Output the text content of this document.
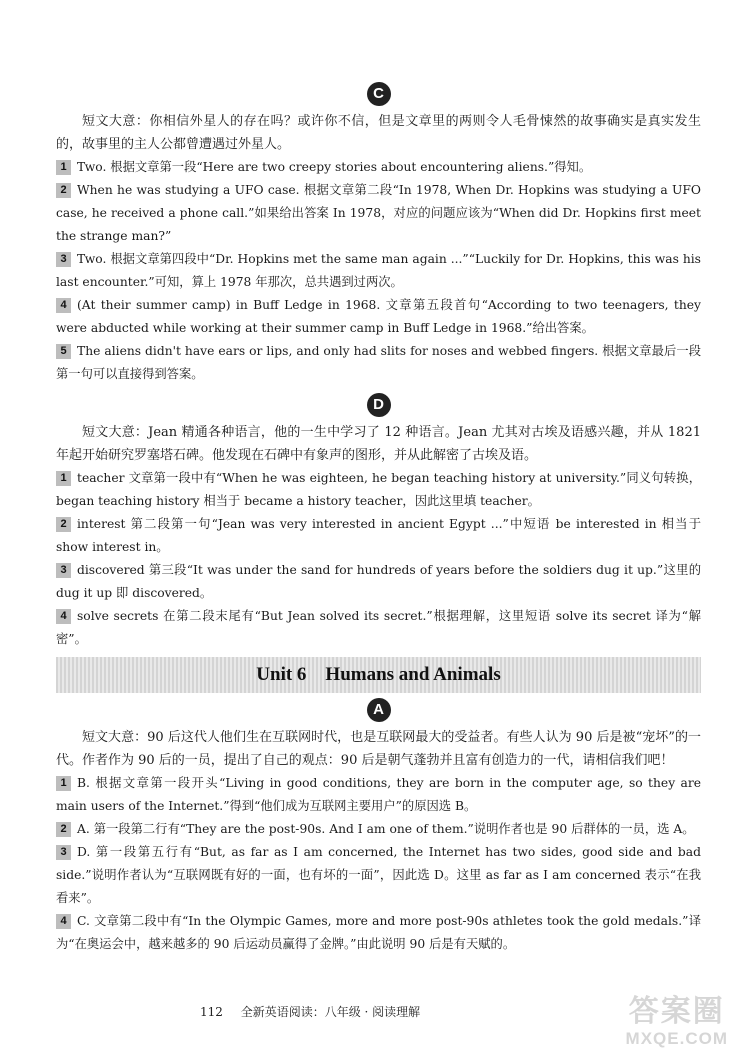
C

短文大意：你相信外星人的存在吗？或许你不信，但是文章里的两则令人毛骨悚然的故事确实是真实发生的，故事里的主人公都曾遭遇过外星人。

1 Two. 根据文章第一段“Here are two creepy stories about encountering aliens.”得知。

2 When he was studying a UFO case. 根据文章第二段“In 1978, When Dr. Hopkins was studying a UFO case, he received a phone call.”如果给出答案 In 1978，对应的问题应该为“When did Dr. Hopkins first meet the strange man?”

3 Two. 根据文章第四段中“Dr. Hopkins met the same man again ...”“Luckily for Dr. Hopkins, this was his last encounter.”可知，算上 1978 年那次，总共遇到过两次。

4 (At their summer camp) in Buff Ledge in 1968. 文章第五段首句“According to two teenagers, they were abducted while working at their summer camp in Buff Ledge in 1968.”给出答案。

5 The aliens didn't have ears or lips, and only had slits for noses and webbed fingers. 根据文章最后一段第一句可以直接得到答案。

D

短文大意：Jean 精通各种语言，他的一生中学习了 12 种语言。Jean 尤其对古埃及语感兴趣，并从 1821 年起开始研究罗塞塔石碑。他发现在石碑中有象声的图形，并从此解密了古埃及语。

1 teacher 文章第一段中有“When he was eighteen, he began teaching history at university.”同义句转换，began teaching history 相当于 became a history teacher，因此这里填 teacher。

2 interest 第二段第一句“Jean was very interested in ancient Egypt ...”中短语 be interested in 相当于 show interest in。

3 discovered 第三段“It was under the sand for hundreds of years before the soldiers dug it up.”这里的 dug it up 即 discovered。

4 solve secrets 在第二段末尾有“But Jean solved its secret.”根据理解，这里短语 solve its secret 译为“解密”。

Unit 6    Humans and Animals
A

短文大意：90 后这代人他们生在互联网时代，也是互联网最大的受益者。有些人认为 90 后是被“宠坏”的一代。作者作为 90 后的一员，提出了自己的观点：90 后是朝气蓬勃并且富有创造力的一代，请相信我们吧！

1 B. 根据文章第一段开头“Living in good conditions, they are born in the computer age, so they are main users of the Internet.”得到“他们成为互联网主要用户”的原因选 B。

2 A. 第一段第二行有“They are the post-90s. And I am one of them.”说明作者也是 90 后群体的一员，选 A。

3 D. 第一段第五行有“But, as far as I am concerned, the Internet has two sides, good side and bad side.”说明作者认为“互联网既有好的一面，也有坏的一面”，因此选 D。这里 as far as I am concerned 表示“在我看来”。

4 C. 文章第二段中有“In the Olympic Games, more and more post-90s athletes took the gold medals.”译为“在奥运会中，越来越多的 90 后运动员赢得了金牌。”由此说明 90 后是有天赋的。

112 全新英语阅读：八年级 · 阅读理解	答案圈
MXQE.COM
